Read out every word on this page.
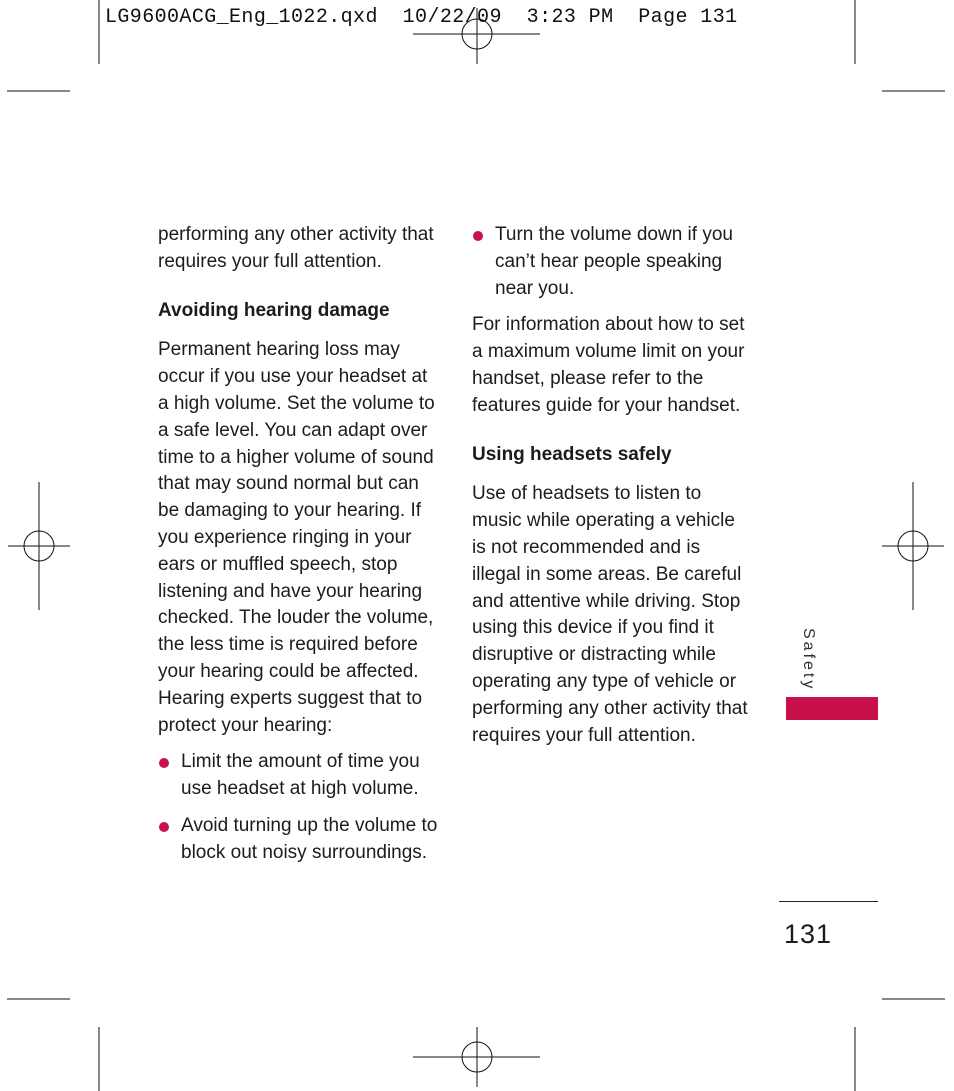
LG9600ACG_Eng_1022.qxd  10/22/09  3:23 PM  Page 131

performing any other activity that requires your full attention.

Avoiding hearing damage

Permanent hearing loss may occur if you use your headset at a high volume. Set the volume to a safe level. You can adapt over time to a higher volume of sound that may sound normal but can be damaging to your hearing. If you experience ringing in your ears or muffled speech, stop listening and have your hearing checked. The louder the volume, the less time is required before your hearing could be affected. Hearing experts suggest that to protect your hearing:

Limit the amount of time you use headset at high volume.
Avoid turning up the volume to block out noisy surroundings.
Turn the volume down if you can’t hear people speaking near you.

For information about how to set a maximum volume limit on your handset, please refer to the features guide for your handset.

Using headsets safely

Use of headsets to listen to music while operating a vehicle is not recommended and is illegal in some areas. Be careful and attentive while driving. Stop using this device if you find it disruptive or distracting while operating any type of vehicle or performing any other activity that requires your full attention.

Safety
131
